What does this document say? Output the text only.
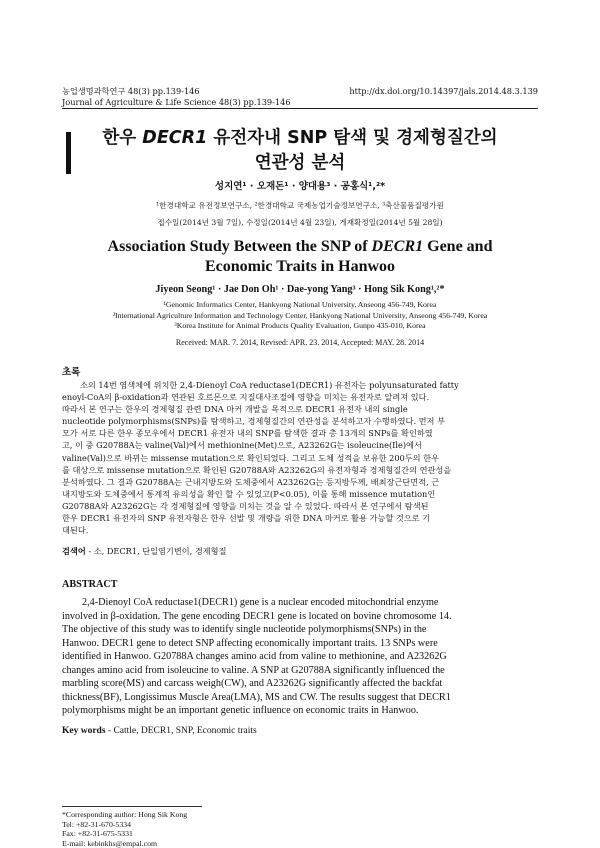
농업생명과학연구 48(3) pp.139-146	http://dx.doi.org/10.14397/jals.2014.48.3.139
Journal of Agriculture & Life Science 48(3) pp.139-146
한우 DECR1 유전자내 SNP 탐색 및 경제형질간의
연관성 분석
성지연¹ · 오재돈¹ · 양대용³ · 공홍식¹,²*
¹한경대학교 유전정보연구소, ²한경대학교 국제농업기술정보연구소, ³축산물품질평가원
접수일(2014년 3월 7일), 수정일(2014년 4월 23일), 게재확정일(2014년 5월 28일)
Association Study Between the SNP of DECR1 Gene and
Economic Traits in Hanwoo
Jiyeon Seong¹ · Jae Don Oh¹ · Dae-yong Yang³ · Hong Sik Kong¹,²*
¹Genomic Informatics Center, Hankyong National University, Anseong 456-749, Korea
²International Agriculture Information and Technology Center, Hankyong National University, Anseong 456-749, Korea
³Korea Institute for Animal Products Quality Evaluation, Gunpo 435-010, Korea
Received: MAR. 7. 2014, Revised: APR. 23. 2014, Accepted: MAY. 28. 2014
초록
소의 14번 염색체에 위치한 2,4-Dienoyl CoA reductase1(DECR1) 유전자는 polyunsaturated fatty
enoyl-CoA의 β-oxidation과 연관된 호르몬으로 지질대사조절에 영향을 미치는 유전자로 알려져 있다.
따라서 본 연구는 한우의 경제형질 관련 DNA 마커 개발을 목적으로 DECR1 유전자 내의 single
nucleotide polymorphisms(SNPs)를 탐색하고, 경제형질간의 연관성을 분석하고자 수행하였다. 먼저 부
모가 서로 다른 한우 종모우에서 DECR1 유전자 내의 SNP를 탐색한 결과 총 13개의 SNPs를 확인하였
고, 이 중 G20788A는 valine(Val)에서 methionine(Met)으로, A23262G는 isoleucine(Ile)에서
valine(Val)으로 바뀌는 missense mutation으로 확인되었다. 그리고 도체 성적을 보유한 200두의 한우
를 대상으로 missense mutation으로 확인된 G20788A와 A23262G의 유전자형과 경제형질간의 연관성을
분석하였다. 그 결과 G20788A는 근내지방도와 도체중에서 A23262G는 등지방두께, 배최장근단면적, 근
내지방도와 도체중에서 통계적 유의성을 확인 할 수 있었고(P<0.05), 이를 통해 missence mutation인
G20788A와 A23262G는 각 경제형질에 영향을 미치는 것을 알 수 있었다. 따라서 본 연구에서 탐색된
한우 DECR1 유전자의 SNP 유전자형은 한우 선발 및 개량을 위한 DNA 마커로 활용 가능할 것으로 기
대된다.
검색어 - 소, DECR1, 단일염기변이, 경제형질
ABSTRACT
2,4-Dienoyl CoA reductase1(DECR1) gene is a nuclear encoded mitochondrial enzyme
involved in β-oxidation. The gene encoding DECR1 gene is located on bovine chromosome 14.
The objective of this study was to identify single nucleotide polymorphisms(SNPs) in the
Hanwoo. DECR1 gene to detect SNP affecting economically important traits. 13 SNPs were
identified in Hanwoo. G20788A changes amino acid from valine to methionine, and A23262G
changes amino acid from isoleucine to valine. A SNP at G20788A significantly influenced the
marbling score(MS) and carcass weigh(CW), and A23262G significantly affected the backfat
thickness(BF), Longissimus Muscle Area(LMA), MS and CW. The results suggest that DECR1
polymorphisms might be an important genetic influence on economic traits in Hanwoo.
Key words - Cattle, DECR1, SNP, Economic traits
*Corresponding author: Hong Sik Kong
Tel: +82-31-670-5334
Fax: +82-31-675-5331
E-mail: kebinkhs@empal.com
